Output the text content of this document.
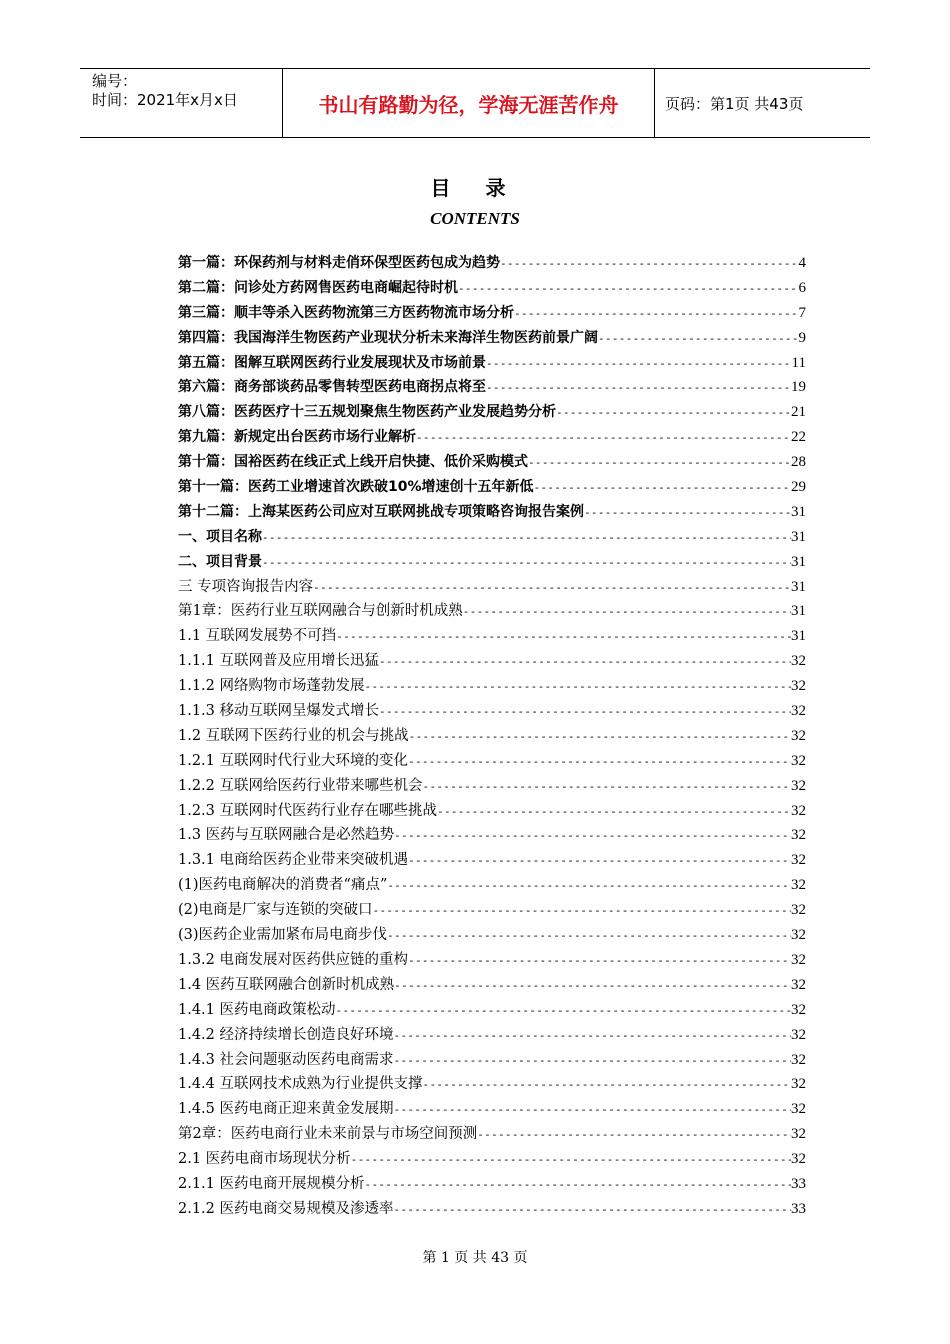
编号：
时间：2021年x月x日	书山有路勤为径，学海无涯苦作舟	页码：第1页 共43页
目 录
CONTENTS
第一篇：环保药剂与材料走俏环保型医药包成为趋势 -----	4
第二篇：问诊处方药网售医药电商崛起待时机 -----	6
第三篇：顺丰等杀入医药物流第三方医药物流市场分析 -----	7
第四篇：我国海洋生物医药产业现状分析未来海洋生物医药前景广阔 -----	9
第五篇：图解互联网医药行业发展现状及市场前景 -----	11
第六篇：商务部谈药品零售转型医药电商拐点将至 -----	19
第八篇：医药医疗十三五规划聚焦生物医药产业发展趋势分析 -----	21
第九篇：新规定出台医药市场行业解析 -----	22
第十篇：国裕医药在线正式上线开启快捷、低价采购模式 -----	28
第十一篇：医药工业增速首次跌破10%增速创十五年新低 -----	29
第十二篇：上海某医药公司应对互联网挑战专项策略咨询报告案例 -----	31
一、项目名称 -----	31
二、项目背景 -----	31
三 专项咨询报告内容 -----	31
第1章：医药行业互联网融合与创新时机成熟 -----	31
1.1 互联网发展势不可挡 -----	31
1.1.1 互联网普及应用增长迅猛 -----	32
1.1.2 网络购物市场蓬勃发展 -----	32
1.1.3 移动互联网呈爆发式增长 -----	32
1.2 互联网下医药行业的机会与挑战 -----	32
1.2.1 互联网时代行业大环境的变化 -----	32
1.2.2 互联网给医药行业带来哪些机会 -----	32
1.2.3 互联网时代医药行业存在哪些挑战 -----	32
1.3 医药与互联网融合是必然趋势 -----	32
1.3.1 电商给医药企业带来突破机遇 -----	32
(1)医药电商解决的消费者“痛点” -----	32
(2)电商是厂家与连锁的突破口 -----	32
(3)医药企业需加紧布局电商步伐 -----	32
1.3.2 电商发展对医药供应链的重构 -----	32
1.4 医药互联网融合创新时机成熟 -----	32
1.4.1 医药电商政策松动 -----	32
1.4.2 经济持续增长创造良好环境 -----	32
1.4.3 社会问题驱动医药电商需求 -----	32
1.4.4 互联网技术成熟为行业提供支撑 -----	32
1.4.5 医药电商正迎来黄金发展期 -----	32
第2章：医药电商行业未来前景与市场空间预测 -----	32
2.1 医药电商市场现状分析 -----	32
2.1.1 医药电商开展规模分析 -----	33
2.1.2 医药电商交易规模及渗透率 -----	33
第 1 页 共 43 页
